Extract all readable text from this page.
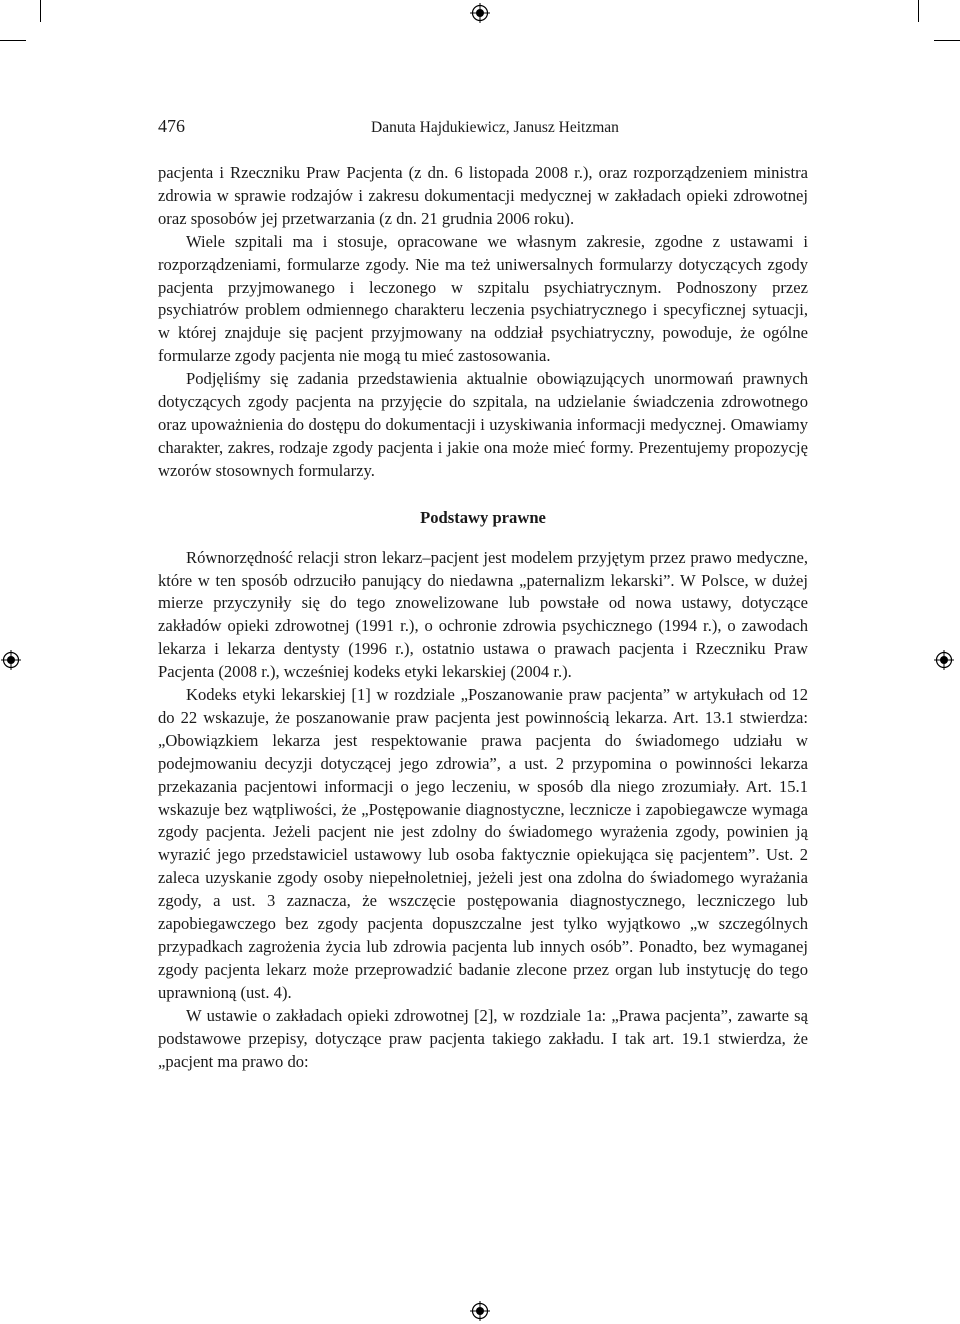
476	Danuta Hajdukiewicz, Janusz Heitzman

pacjenta i Rzeczniku Praw Pacjenta (z dn. 6 listopada 2008 r.), oraz rozporządzeniem ministra zdrowia w sprawie rodzajów i zakresu dokumentacji medycznej w zakładach opieki zdrowotnej oraz sposobów jej przetwarzania (z dn. 21 grudnia 2006 roku).

Wiele szpitali ma i stosuje, opracowane we własnym zakresie, zgodne z ustawami i rozporządzeniami, formularze zgody. Nie ma też uniwersalnych formularzy dotyczących zgody pacjenta przyjmowanego i leczonego w szpitalu psychiatrycznym. Podnoszony przez psychiatrów problem odmiennego charakteru leczenia psychiatrycznego i specyficznej sytuacji, w której znajduje się pacjent przyjmowany na oddział psychiatryczny, powoduje, że ogólne formularze zgody pacjenta nie mogą tu mieć zastosowania.

Podjęliśmy się zadania przedstawienia aktualnie obowiązujących unormowań prawnych dotyczących zgody pacjenta na przyjęcie do szpitala, na udzielanie świadczenia zdrowotnego oraz upoważnienia do dostępu do dokumentacji i uzyskiwania informacji medycznej. Omawiamy charakter, zakres, rodzaje zgody pacjenta i jakie ona może mieć formy. Prezentujemy propozycję wzorów stosownych formularzy.

Podstawy prawne

Równorzędność relacji stron lekarz–pacjent jest modelem przyjętym przez prawo medyczne, które w ten sposób odrzuciło panujący do niedawna „paternalizm lekarski”. W Polsce, w dużej mierze przyczyniły się do tego znowelizowane lub powstałe od nowa ustawy, dotyczące zakładów opieki zdrowotnej (1991 r.), o ochronie zdrowia psychicznego (1994 r.), o zawodach lekarza i lekarza dentysty (1996 r.), ostatnio ustawa o prawach pacjenta i Rzeczniku Praw Pacjenta (2008 r.), wcześniej kodeks etyki lekarskiej (2004 r.).

Kodeks etyki lekarskiej [1] w rozdziale „Poszanowanie praw pacjenta” w artykułach od 12 do 22 wskazuje, że poszanowanie praw pacjenta jest powinnością lekarza. Art. 13.1 stwierdza: „Obowiązkiem lekarza jest respektowanie prawa pacjenta do świadomego udziału w podejmowaniu decyzji dotyczącej jego zdrowia”, a ust. 2 przypomina o powinności lekarza przekazania pacjentowi informacji o jego leczeniu, w sposób dla niego zrozumiały. Art. 15.1 wskazuje bez wątpliwości, że „Postępowanie diagnostyczne, lecznicze i zapobiegawcze wymaga zgody pacjenta. Jeżeli pacjent nie jest zdolny do świadomego wyrażenia zgody, powinien ją wyrazić jego przedstawiciel ustawowy lub osoba faktycznie opiekująca się pacjentem”. Ust. 2 zaleca uzyskanie zgody osoby niepełnoletniej, jeżeli jest ona zdolna do świadomego wyrażania zgody, a ust. 3 zaznacza, że wszczęcie postępowania diagnostycznego, leczniczego lub zapobiegawczego bez zgody pacjenta dopuszczalne jest tylko wyjątkowo „w szczególnych przypadkach zagrożenia życia lub zdrowia pacjenta lub innych osób”. Ponadto, bez wymaganej zgody pacjenta lekarz może przeprowadzić badanie zlecone przez organ lub instytucję do tego uprawnioną (ust. 4).

W ustawie o zakładach opieki zdrowotnej [2], w rozdziale 1a: „Prawa pacjenta”, zawarte są podstawowe przepisy, dotyczące praw pacjenta takiego zakładu. I tak art. 19.1 stwierdza, że „pacjent ma prawo do:
